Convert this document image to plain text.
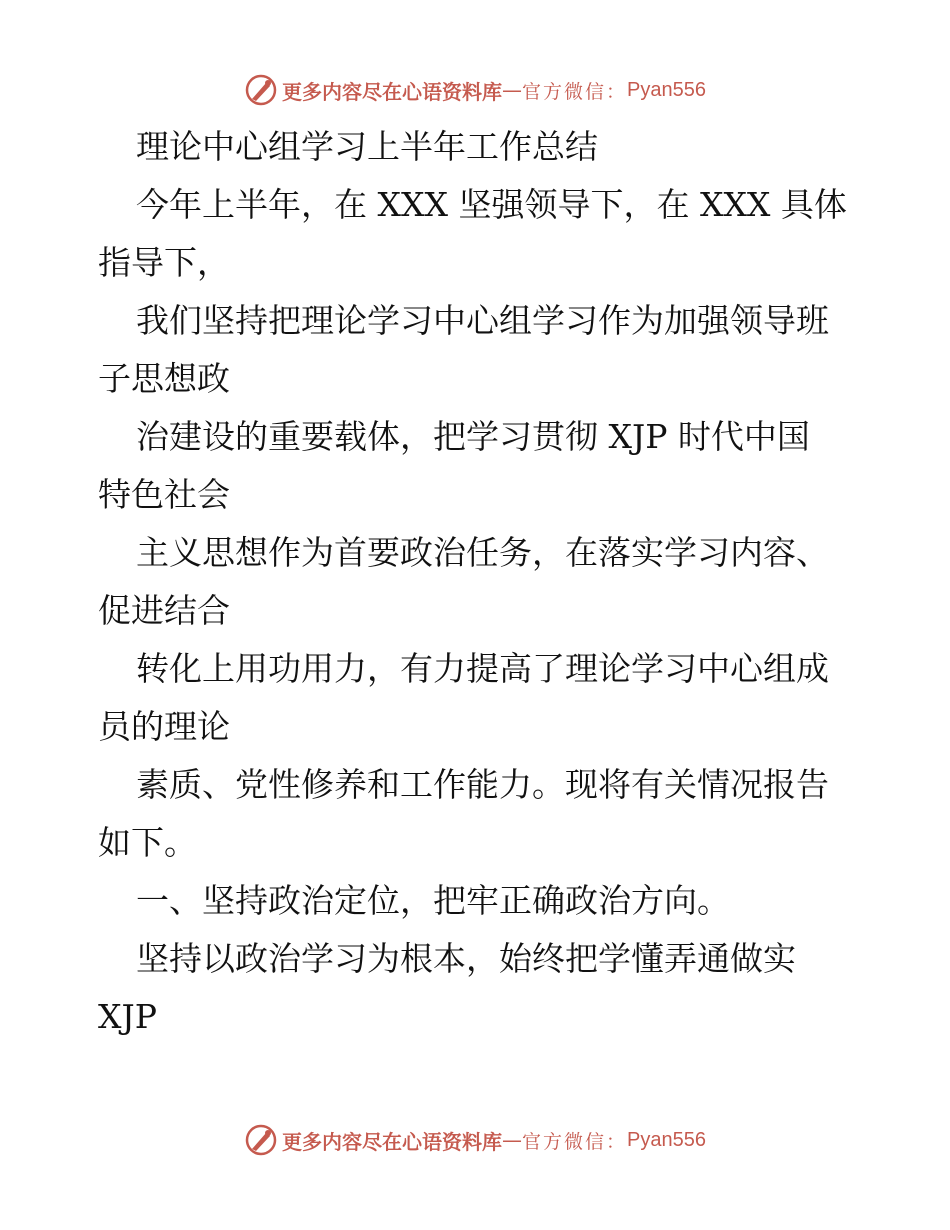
更多内容尽在心语资料库 — 官方微信： Pyan556
理论中心组学习上半年工作总结
今年上半年，在 XXX 坚强领导下，在 XXX 具体
指导下，
我们坚持把理论学习中心组学习作为加强领导班
子思想政
治建设的重要载体，把学习贯彻 XJP 时代中国
特色社会
主义思想作为首要政治任务，在落实学习内容、
促进结合
转化上用功用力，有力提高了理论学习中心组成
员的理论
素质、党性修养和工作能力。现将有关情况报告
如下。
一、坚持政治定位，把牢正确政治方向。
坚持以政治学习为根本，始终把学懂弄通做实
XJP
更多内容尽在心语资料库 — 官方微信： Pyan556
